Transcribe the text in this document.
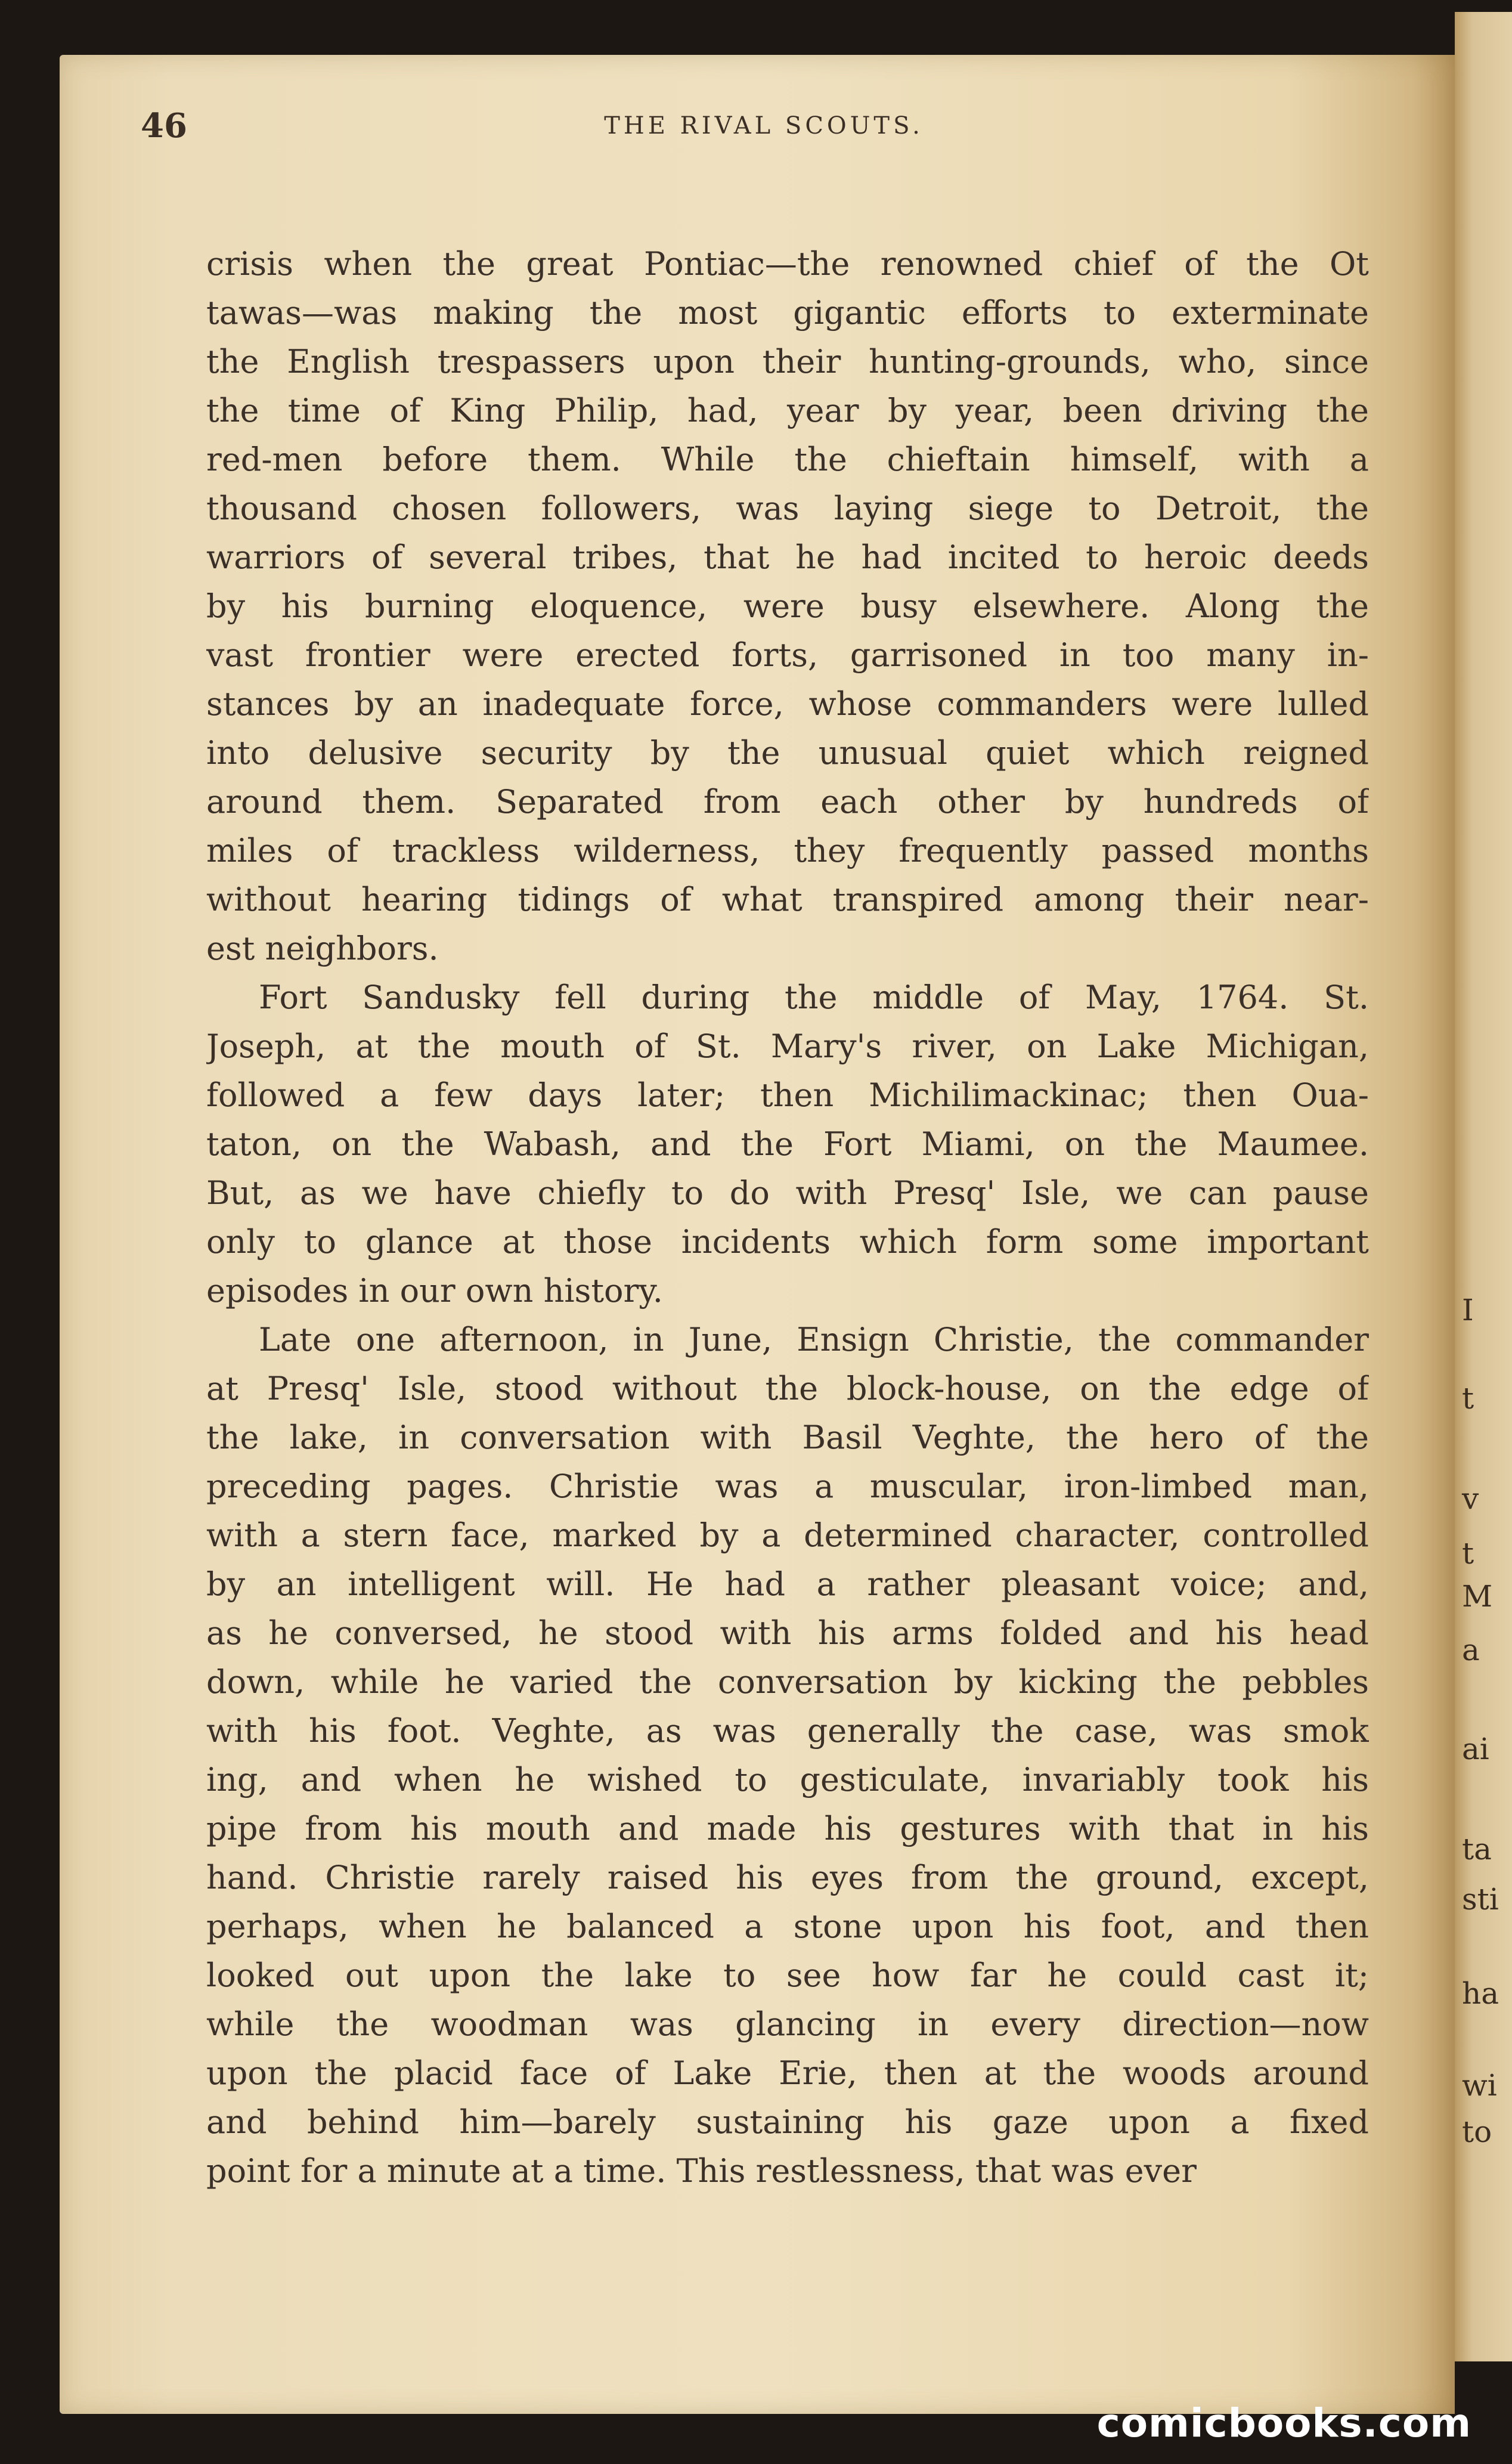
I
t
v
t
M
a
ai
ta
sti
ha
wi
to
46	THE RIVAL SCOUTS.
crisis when the great Pontiac—the renowned chief of the Ot
tawas—was making the most gigantic efforts to exterminate
the English trespassers upon their hunting-grounds, who, since
the time of King Philip, had, year by year, been driving the
red-men before them. While the chieftain himself, with a
thousand chosen followers, was laying siege to Detroit, the
warriors of several tribes, that he had incited to heroic deeds
by his burning eloquence, were busy elsewhere. Along the
vast frontier were erected forts, garrisoned in too many in-
stances by an inadequate force, whose commanders were lulled
into delusive security by the unusual quiet which reigned
around them. Separated from each other by hundreds of
miles of trackless wilderness, they frequently passed months
without hearing tidings of what transpired among their near-
est neighbors.
Fort Sandusky fell during the middle of May, 1764. St.
Joseph, at the mouth of St. Mary's river, on Lake Michigan,
followed a few days later; then Michilimackinac; then Oua-
taton, on the Wabash, and the Fort Miami, on the Maumee.
But, as we have chiefly to do with Presq' Isle, we can pause
only to glance at those incidents which form some important
episodes in our own history.
Late one afternoon, in June, Ensign Christie, the commander
at Presq' Isle, stood without the block-house, on the edge of
the lake, in conversation with Basil Veghte, the hero of the
preceding pages. Christie was a muscular, iron-limbed man,
with a stern face, marked by a determined character, controlled
by an intelligent will. He had a rather pleasant voice; and,
as he conversed, he stood with his arms folded and his head
down, while he varied the conversation by kicking the pebbles
with his foot. Veghte, as was generally the case, was smok
ing, and when he wished to gesticulate, invariably took his
pipe from his mouth and made his gestures with that in his
hand. Christie rarely raised his eyes from the ground, except,
perhaps, when he balanced a stone upon his foot, and then
looked out upon the lake to see how far he could cast it;
while the woodman was glancing in every direction—now
upon the placid face of Lake Erie, then at the woods around
and behind him—barely sustaining his gaze upon a fixed
point for a minute at a time. This restlessness, that was ever
comicbooks.com
